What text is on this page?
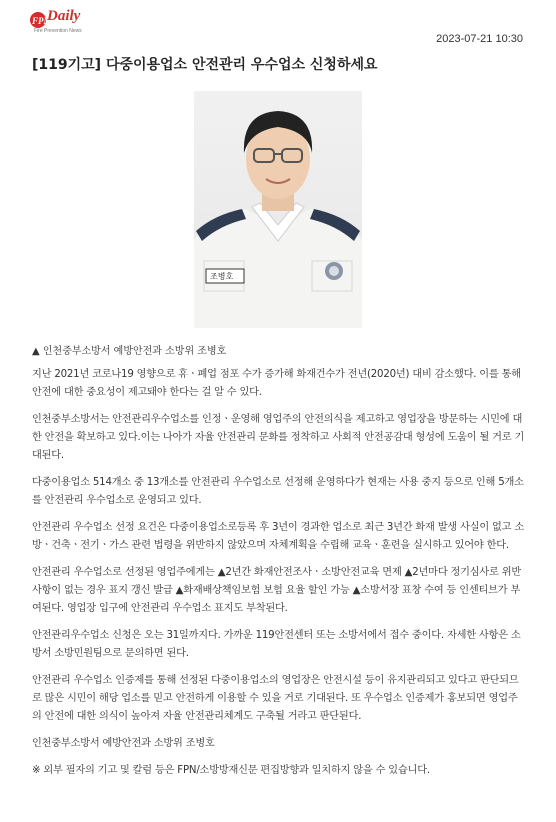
FPN
Daily
Fire Prevention News
2023-07-21 10:30
[119기고] 다중이용업소 안전관리 우수업소 신청하세요
조병호
▲ 인천중부소방서 예방안전과 소방위 조병호

지난 2021년 코로나19 영향으로 휴ㆍ폐업 점포 수가 증가해 화재건수가 전년(2020년) 대비 감소했다. 이를 통해 안전에 대한 중요성이 제고돼야 한다는 걸 알 수 있다.

인천중부소방서는 안전관리우수업소를 인정ㆍ운영해 영업주의 안전의식을 제고하고 영업장을 방문하는 시민에 대한 안전을 확보하고 있다.이는 나아가 자율 안전관리 문화를 정착하고 사회적 안전공감대 형성에 도움이 될 거로 기대된다.

다중이용업소 514개소 중 13개소를 안전관리 우수업소로 선정해 운영하다가 현재는 사용 중지 등으로 인해 5개소를 안전관리 우수업소로 운영되고 있다.

안전관리 우수업소 선정 요건은 다중이용업소로등록 후 3년이 경과한 업소로 최근 3년간 화재 발생 사실이 없고 소방ㆍ건축ㆍ전기ㆍ가스 관련 법령을 위반하지 않았으며 자체계획을 수립해 교육ㆍ훈련을 실시하고 있어야 한다.

안전관리 우수업소로 선정된 영업주에게는 ▲2년간 화재안전조사ㆍ소방안전교육 면제 ▲2년마다 정기심사로 위반사항이 없는 경우 표지 갱신 발급 ▲화재배상책임보험 보험 요율 할인 가능 ▲소방서장 표창 수여 등 인센티브가 부여된다. 영업장 입구에 안전관리 우수업소 표지도 부착된다.

안전관리우수업소 신청은 오는 31일까지다. 가까운 119안전센터 또는 소방서에서 접수 중이다. 자세한 사항은 소방서 소방민원팀으로 문의하면 된다.

안전관리 우수업소 인증제를 통해 선정된 다중이용업소의 영업장은 안전시설 등이 유지관리되고 있다고 판단되므로 많은 시민이 해당 업소를 믿고 안전하게 이용할 수 있을 거로 기대된다. 또 우수업소 인증제가 홍보되면 영업주의 안전에 대한 의식이 높아져 자율 안전관리체계도 구축될 거라고 판단된다.

인천중부소방서 예방안전과 소방위 조병호

※ 외부 필자의 기고 및 칼럼 등은 FPN/소방방재신문 편집방향과 일치하지 않을 수 있습니다.
